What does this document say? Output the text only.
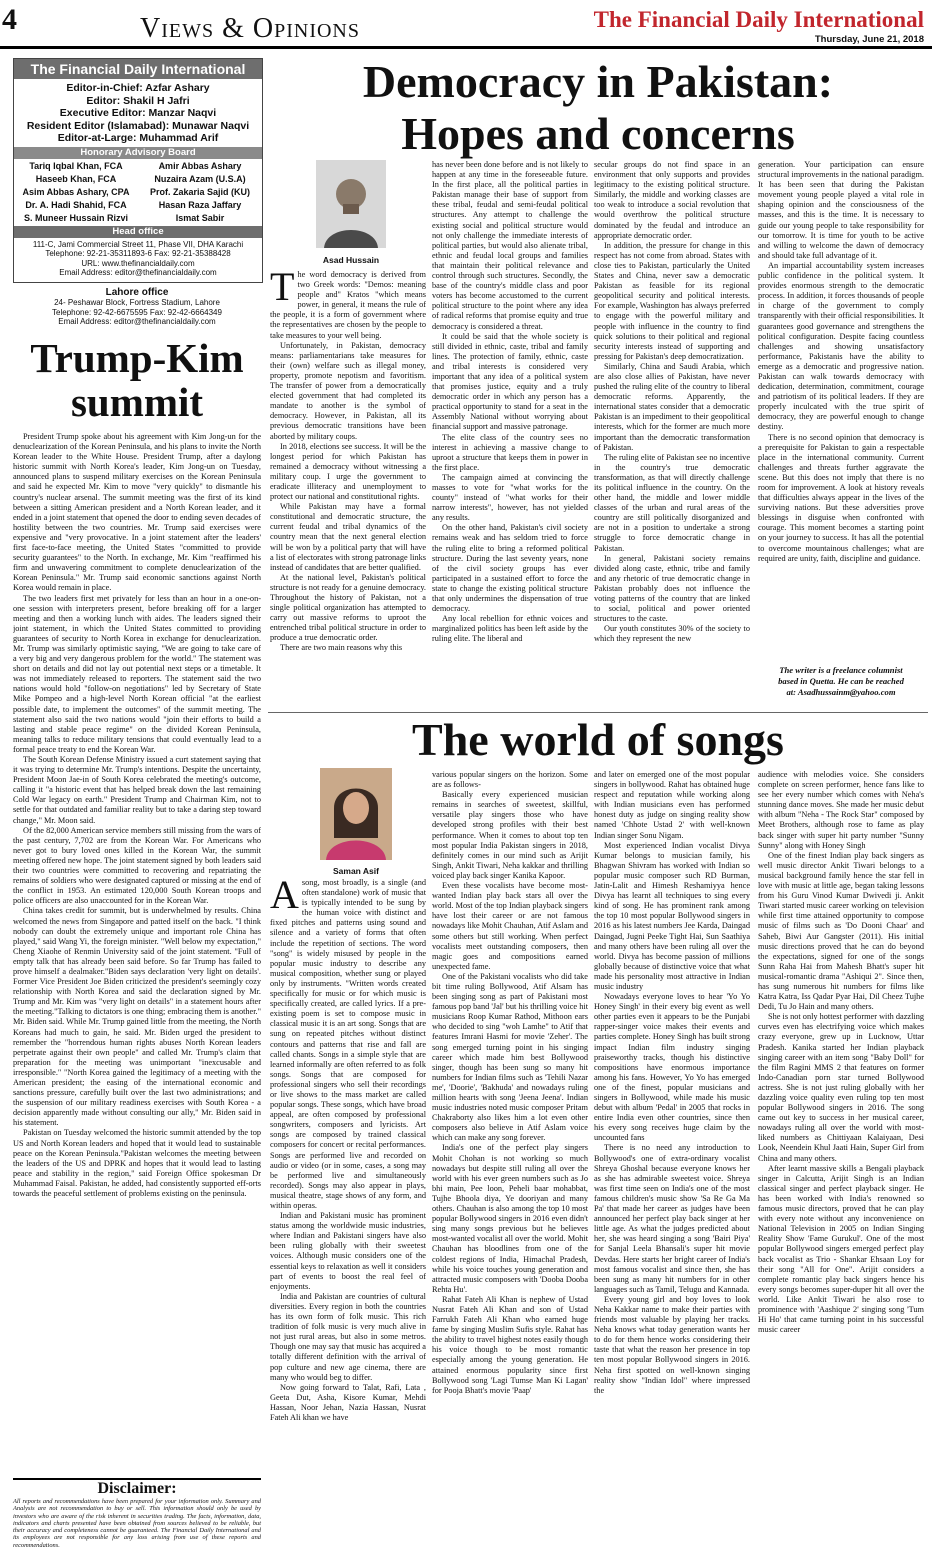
4	Views & Opinions	The Financial Daily International
Thursday, June 21, 2018
The Financial Daily International
Editor-in-Chief: Azfar Ashary
Editor: Shakil H Jafri
Executive Editor: Manzar Naqvi
Resident Editor (Islamabad): Munawar Naqvi
Editor-at-Large: Muhammad Arif
Honorary Advisory Board
Tariq Iqbal Khan, FCA	Amir Abbas Ashary
Haseeb Khan, FCA	Nuzaira Azam (U.S.A)
Asim Abbas Ashary, CPA	Prof. Zakaria Sajid (KU)
Dr. A. Hadi Shahid, FCA	Hasan Raza Jaffary
S. Muneer Hussain Rizvi	Ismat Sabir
Head office
111-C, Jami Commercial Street 11, Phase VII, DHA Karachi
Telephone: 92-21-35311893-6 Fax: 92-21-35388428
URL: www.thefinancialdaily.com
Email Address: editor@thefinancialdaily.com
Lahore office
24- Peshawar Block, Fortress Stadium, Lahore
Telephone: 92-42-6675595 Fax: 92-42-6664349
Email Address: editor@thefinancialdaily.com
Trump-Kim
summit

President Trump spoke about his agreement with Kim Jong-un for the denuclearization of the Korean Peninsula, and his plans to invite the North Korean leader to the White House. President Trump, after a daylong historic summit with North Korea's leader, Kim Jong-un on Tuesday, announced plans to suspend military exercises on the Korean Peninsula and said he expected Mr. Kim to move "very quickly" to dismantle his country's nuclear arsenal. The summit meeting was the first of its kind between a sitting American president and a North Korean leader, and it ended in a joint statement that opened the door to ending seven decades of hostility between the two countries. Mr. Trump said exercises were expensive and "very provocative. In a joint statement after the leaders' first face-to-face meeting, the United States "committed to provide security guarantees" to the North. In exchange, Mr. Kim "reaffirmed his firm and unwavering commitment to complete denuclearization of the Korean Peninsula." Mr. Trump said economic sanctions against North Korea would remain in place.

The two leaders first met privately for less than an hour in a one-on-one session with interpreters present, before breaking off for a larger meeting and then a working lunch with aides. The leaders signed their joint statement, in which the United States committed to providing guarantees of security to North Korea in exchange for denuclearization. Mr. Trump was similarly optimistic saying, "We are going to take care of a very big and very dangerous problem for the world." The statement was short on details and did not lay out potential next steps or a timetable. It was not immediately released to reporters. The statement said the two nations would hold "follow-on negotiations" led by Secretary of State Mike Pompeo and a high-level North Korean official "at the earliest possible date, to implement the outcomes" of the summit meeting. The statement also said the two nations would "join their efforts to build a lasting and stable peace regime" on the divided Korean Peninsula, meaning talks to reduce military tensions that could eventually lead to a formal peace treaty to end the Korean War.

The South Korean Defense Ministry issued a curt statement saying that it was trying to determine Mr. Trump's intentions. Despite the uncertainty, President Moon Jae-in of South Korea celebrated the meeting's outcome, calling it "a historic event that has helped break down the last remaining Cold War legacy on earth." President Trump and Chairman Kim, not to settle for that outdated and familiar reality but to take a daring step toward change," Mr. Moon said.

Of the 82,000 American service members still missing from the wars of the past century, 7,702 are from the Korean War. For Americans who never got to bury loved ones killed in the Korean War, the summit meeting offered new hope. The joint statement signed by both leaders said their two countries were committed to recovering and repatriating the remains of soldiers who were designated captured or missing at the end of the conflict in 1953. An estimated 120,000 South Korean troops and police officers are also unaccounted for in the Korean War.

China takes credit for summit, but is underwhelmed by results. China welcomed the news from Singapore and patted itself on the back. "I think nobody can doubt the extremely unique and important role China has played," said Wang Yi, the foreign minister. "Well below my expectation," Cheng Xiaohe of Renmin University said of the joint statement. "Full of empty talk that has already been said before. So far Trump has failed to prove himself a dealmaker."Biden says declaration 'very light on details'. Former Vice President Joe Biden criticized the president's seemingly cozy relationship with North Korea and said the declaration signed by Mr. Trump and Mr. Kim was "very light on details" in a statement hours after the meeting."Talking to dictators is one thing; embracing them is another." Mr. Biden said. While Mr. Trump gained little from the meeting, the North Koreans had much to gain, he said. Mr. Biden urged the president to remember the "horrendous human rights abuses North Korean leaders perpetrate against their own people" and called Mr. Trump's claim that preparation for the meeting was unimportant "inexcusable and irresponsible." "North Korea gained the legitimacy of a meeting with the American president; the easing of the international economic and sanctions pressure, carefully built over the last two administrations; and the suspension of our military readiness exercises with South Korea - a decision apparently made without consulting our ally," Mr. Biden said in his statement.

Pakistan on Tuesday welcomed the historic summit attended by the top US and North Korean leaders and hoped that it would lead to sustainable peace on the Korean Peninsula."Pakistan welcomes the meeting between the leaders of the US and DPRK and hopes that it would lead to lasting peace and stability in the region," said Foreign Office spokesman Dr Muhammad Faisal. Pakistan, he added, had consistently supported eff-orts towards the peaceful settlement of problems existing on the peninsula.

Disclaimer:
All reports and recommendations have been prepared for your information only. Summary and Analysis are not recommendation to buy or sell. This information should only be used by investors who are aware of the risk inherent in securities trading. The facts, information, data, indicators and charts presented have been obtained from sources believed to be reliable, but their accuracy and completeness cannot be guaranteed. The Financial Daily International and its employees are not responsible for any loss arising from use of these reports and recommendations.
Democracy in Pakistan:
Hopes and concerns
Asad Hussain
T he word democracy is derived from two Greek words: "Demos: meaning people and" Kratos "which means power, in general, it means the rule of the people, it is a form of government where the representatives are chosen by the people to take measures to your well being.

Unfortunately, in Pakistan, democracy means: parliamentarians take measures for their (own) welfare such as illegal money, property, promote nepotism and favoritism. The transfer of power from a democratically elected government that had completed its mandate to another is the symbol of democracy. However, in Pakistan, all its previous democratic transitions have been aborted by military coups.

In 2018, elections see success. It will be the longest period for which Pakistan has remained a democracy without witnessing a military coup. I urge the government to eradicate illiteracy and unemployment to protect our national and constitutional rights.

While Pakistan may have a formal constitutional and democratic structure, the current feudal and tribal dynamics of the country mean that the next general election will be won by a political party that will have a list of electorates with strong patronage links instead of candidates that are better qualified.

At the national level, Pakistan's political structure is not ready for a genuine democracy. Throughout the history of Pakistan, not a single political organization has attempted to carry out massive reforms to uproot the entrenched tribal political structure in order to produce a true democratic order.

There are two main reasons why this

has never been done before and is not likely to happen at any time in the foreseeable future. In the first place, all the political parties in Pakistan manage their base of support from these tribal, feudal and semi-feudal political structures. Any attempt to challenge the existing social and political structure would not only challenge the immediate interests of political parties, but would also alienate tribal, ethnic and feudal local groups and families that maintain their political relevance and control through such structures. Secondly, the base of the country's middle class and poor voters has become accustomed to the current political structure to the point where any idea of radical reforms that promise equity and true democracy is considered a threat.

It could be said that the whole society is still divided in ethnic, caste, tribal and family lines. The protection of family, ethnic, caste and tribal interests is considered very important that any idea of a political system that promises justice, equity and a truly democratic order in which any person has a practical opportunity to stand for a seat in the Assembly National without worrying about financial support and massive patronage.

The elite class of the country sees no interest in achieving a massive change to uproot a structure that keeps them in power in the first place.

The campaign aimed at convincing the masses to vote for "what works for the county" instead of "what works for their narrow interests", however, has not yielded any results.

On the other hand, Pakistan's civil society remains weak and has seldom tried to force the ruling elite to bring a reformed political structure. During the last seventy years, none of the civil society groups has ever participated in a sustained effort to force the state to change the existing political structure that only undermines the dispensation of true democracy.

Any local rebellion for ethnic voices and marginalized politics has been left aside by the ruling elite. The liberal and

secular groups do not find space in an environment that only supports and provides legitimacy to the existing political structure. Similarly, the middle and working classes are too weak to introduce a social revolution that would overthrow the political structure dominated by the feudal and introduce an appropriate democratic order.

In addition, the pressure for change in this respect has not come from abroad. States with close ties to Pakistan, particularly the United States and China, never saw a democratic Pakistan as feasible for its regional geopolitical security and political interests. For example, Washington has always preferred to engage with the powerful military and people with influence in the country to find quick solutions to their political and regional security interests instead of supporting and pressing for Pakistan's deep democratization.

Similarly, China and Saudi Arabia, which are also close allies of Pakistan, have never pushed the ruling elite of the country to liberal democratic reforms. Apparently, the international states consider that a democratic Pakistan is an impediment to their geopolitical interests, which for the former are much more important than the democratic transformation of Pakistan.

The ruling elite of Pakistan see no incentive in the country's true democratic transformation, as that will directly challenge its political influence in the country. On the other hand, the middle and lower middle classes of the urban and rural areas of the country are still politically disorganized and are not in a position to undertake a strong struggle to force democratic change in Pakistan.

In general, Pakistani society remains divided along caste, ethnic, tribe and family and any rhetoric of true democratic change in Pakistan probably does not influence the voting patterns of the country that are linked to social, political and power oriented structures to the caste.

Our youth constitutes 30% of the society to which they represent the new

generation. Your participation can ensure structural improvements in the national paradigm. It has been seen that during the Pakistan movement young people played a vital role in shaping opinion and the consciousness of the masses, and this is the time. It is necessary to guide our young people to take responsibility for our tomorrow. It is time for youth to be active and willing to welcome the dawn of democracy and should take full advantage of it.

An impartial accountability system increases public confidence in the political system. It provides enormous strength to the democratic process. In addition, it forces thousands of people in charge of the government to comply transparently with their official responsibilities. It guarantees good governance and strengthens the political configuration. Despite facing countless challenges and showing unsatisfactory performance, Pakistanis have the ability to emerge as a democratic and progressive nation. Pakistan can walk towards democracy with dedication, determination, commitment, courage and patriotism of its political leaders. If they are properly inculcated with the true spirit of democracy, they are powerful enough to change destiny.

There is no second opinion that democracy is a prerequisite for Pakistan to gain a respectable place in the international community. Current challenges and threats further aggravate the scene. But this does not imply that there is no room for improvement. A look at history reveals that difficulties always appear in the lives of the surviving nations. But these adversities prove blessings in disguise when confronted with courage. This moment becomes a starting point on your journey to success. It has all the potential to overcome mountainous challenges; what are required are unity, faith, discipline and guidance.

The writer is a freelance columnist
based in Quetta. He can be reached
at: Asadhussainm@yahoo.com
The world of songs
Saman Asif
A song, most broadly, is a single (and often standalone) work of music that is typically intended to be sung by the human voice with distinct and fixed pitches and patterns using sound and silence and a variety of forms that often include the repetition of sections. The word "song" is widely misused by people in the popular music industry to describe any musical composition, whether sung or played only by instruments. "Written words created specifically for music or for which music is specifically created, are called lyrics. If a pre-existing poem is set to compose music in classical music it is an art song. Songs that are sung on repeated pitches without distinct contours and patterns that rise and fall are called chants. Songs in a simple style that are learned informally are often referred to as folk songs. Songs that are composed for professional singers who sell their recordings or live shows to the mass market are called popular songs. These songs, which have broad appeal, are often composed by professional songwriters, composers and lyricists. Art songs are composed by trained classical composers for concert or recital performances. Songs are performed live and recorded on audio or video (or in some, cases, a song may be performed live and simultaneously recorded). Songs may also appear in plays, musical theatre, stage shows of any form, and within operas.

Indian and Pakistani music has prominent status among the worldwide music industries, where Indian and Pakistani singers have also been ruling globally with their sweetest voices. Although music considers one of the essential keys to relaxation as well it considers part of events to boost the real feel of enjoyments.

India and Pakistan are countries of cultural diversities. Every region in both the countries has its own form of folk music. This rich tradition of folk music is very much alive in not just rural areas, but also in some metros. Though one may say that music has acquired a totally different definition with the arrival of pop culture and new age cinema, there are many who would beg to differ.

Now going forward to Talat, Rafi, Lata , Geeta Dut, Asha, Kisore Kumar, Mehdi Hassan, Noor Jehan, Nazia Hassan, Nusrat Fateh Ali khan we have

various popular singers on the horizon. Some are as follows-

Basically every experienced musician remains in searches of sweetest, skillful, versatile play singers those who have developed strong profiles with their best performance. When it comes to about top ten most popular India Pakistan singers in 2018, definitely comes in our mind such as Arijit Singh, Ankit Tiwari, Neha kakkar and thrilling voiced play back singer Kanika Kapoor.

Even these vocalists have become most-wanted Indian play back stars all over the world. Most of the top Indian playback singers have lost their career or are not famous nowadays like Mohit Chauhan, Atif Aslam and some others but still working. When perfect vocalists meet outstanding composers, then magic goes and compositions earned unexpected fame.

One of the Pakistani vocalists who did take bit time ruling Bollywood, Atif Alsam has been singing song as part of Pakistani most famous pop band 'Jal' but his thrilling voice hit musicians Roop Kumar Rathod, Mithoon ears who decided to sing "woh Lamhe" to Atif that features Imrani Hasmi for movie 'Zeher'. The song emerged turning point in his singing career which made him best Bollywood singer, though has been sung so many hit numbers for Indian films such as 'Tehili Nazar me', 'Doorie', 'Bakhuda' and nowadays ruling million hearts with song 'Jeena Jeena'. Indian music industries noted music composer Pritam Chakraborty also likes him a lot even other composers also believe in Atif Aslam voice which can make any song forever.

India's one of the perfect play singers Mohit Chohan is not working so much nowadays but despite still ruling all over the world with his ever green numbers such as Jo bhi main, Pee loon, Peheli baar mohabbat, Tujhe Bhoola diya, Ye dooriyan and many others. Chauhan is also among the top 10 most popular Bollywood singers in 2016 even didn't sing many songs previous but he believes most-wanted vocalist all over the world. Mohit Chauhan has bloodlines from one of the coldest regions of India, Himachal Pradesh, while his voice touches young generation and attracted music composers with 'Dooba Dooba Rehta Hu'.

Rahat Fateh Ali Khan is nephew of Ustad Nusrat Fateh Ali Khan and son of Ustad Farrukh Fateh Ali Khan who earned huge fame by singing Muslim Sufis style. Rahat has the ability to travel highest notes easily though his voice though to be most romantic especially among the young generation. He attained enormous popularity since first Bollywood song 'Lagi Tumse Man Ki Lagan' for Pooja Bhatt's movie 'Paap'

and later on emerged one of the most popular singers in bollywood. Rahat has obtained huge respect and reputation while working along with Indian musicians even has performed honest duty as judge on singing reality show named 'Chhote Ustad 2' with well-known Indian singer Sonu Nigam.

Most experienced Indian vocalist Divya Kumar belongs to musician family, his Bhagwan Shivram has worked with Indian so popular music composer such RD Burman, Jatin-Lalit and Himesh Reshamiyya hence Divya has learnt all techniques to sing every kind of song. He has prominent rank among the top 10 most popular Bollywood singers in 2016 as his latest numbers Jee Karda, Daingad Daingad, Jugni Peeke Tight Hai, Sun Saathiya and many others have been ruling all over the world. Divya has become passion of millions globally because of distinctive voice that what made his personality most attractive in Indian music industry

Nowadays everyone loves to hear 'Yo Yo Honey Singh' in their every big event as well other parties even it appears to be the Punjabi rapper-singer voice makes their events and parties complete. Honey Singh has built strong impact Indian film industry singing praiseworthy tracks, though his distinctive compositions have enormous importance among his fans. However, Yo Yo has emerged one of the finest, popular musicians and singers in Bollywood, while made his music debut with album 'Pedal' in 2005 that rocks in entire India even other countries, since then his every song receives huge claim by the uncounted fans

There is no need any introduction to Bollywood's one of extra-ordinary vocalist Shreya Ghoshal because everyone knows her as she has admirable sweetest voice. Shreya was first time seen on India's one of the most famous children's music show 'Sa Re Ga Ma Pa' that made her career as judges have been announced her perfect play back singer at her little age. As what the judges predicted about her, she was heard singing a song 'Bairi Piya' for Sanjal Leela Bhansali's super hit movie Devdas. Here starts her bright career of India's most famous vocalist and since then, she has been sung as many hit numbers for in other languages such as Tamil, Telugu and Kannada.

Every young girl and boy loves to look Neha Kakkar name to make their parties with friends most valuable by playing her tracks. Neha knows what today generation wants her to do for them hence works considering their taste that what the reason her presence in top ten most popular Bollywood singers in 2016. Neha first spotted on well-known singing reality show "Indian Idol" where impressed the

audience with melodies voice. She considers complete on screen performer, hence fans like to see her every number which comes with Neha's stunning dance moves. She made her music debut with album "Neha - The Rock Star" composed by Meet Brothers, although rose to fame as play back singer with super hit party number "Sunny Sunny" along with Honey Singh

One of the finest Indian play back singers as well music director Ankit Tiwari belongs to a musical background family hence the star fell in love with music at little age, began taking lessons from his Guru Vinod Kumar Dwivedi ji. Ankit Tiwari started music career working on television while first time attained opportunity to compose music of films such as 'Do Dooni Chaar' and Saheb, Biwi Aur Gangster (2011). His initial music directions proved that he can do beyond the expectations, signed for one of the songs Sunn Raha Hai from Mahesh Bhatt's super hit musical-romantic drama "Ashiqui 2". Since then, has sung numerous hit numbers for films like Katra Katra, Iss Qadar Pyar Hai, Dil Cheez Tujhe Dedi, Tu Jo Hain and many others.

She is not only hottest performer with dazzling curves even has electrifying voice which makes crazy everyone, grew up in Lucknow, Uttar Pradesh. Kanika started her Indian playback singing career with an item song "Baby Doll" for the film Ragini MMS 2 that features on former Indo-Canadian porn star turned Bollywood actress. She is not just ruling globally with her dazzling voice quality even ruling top ten most popular Bollywood singers in 2016. The song came out key to success in her musical career, nowadays ruling all over the world with most-liked numbers as Chittiyaan Kalaiyaan, Desi Look, Neendein Khul Jaati Hain, Super Girl from China and many others.

After learnt massive skills a Bengali playback singer in Calcutta, Arijit Singh is an Indian classical singer and perfect playback singer. He has been worked with India's renowned so famous music directors, proved that he can play with every note without any inconvenience on National Television in 2005 on Indian Singing Reality Show 'Fame Gurukul'. One of the most popular Bollywood singers emerged perfect play back vocalist as Trio - Shankar Ehsaan Loy for their song "All for One". Arijit considers a complete romantic play back singers hence his every songs becomes super-duper hit all over the world. Like Ankit Tiwari he also rose to prominence with 'Aashique 2' singing song 'Tum Hi Ho' that came turning point in his successful music career
